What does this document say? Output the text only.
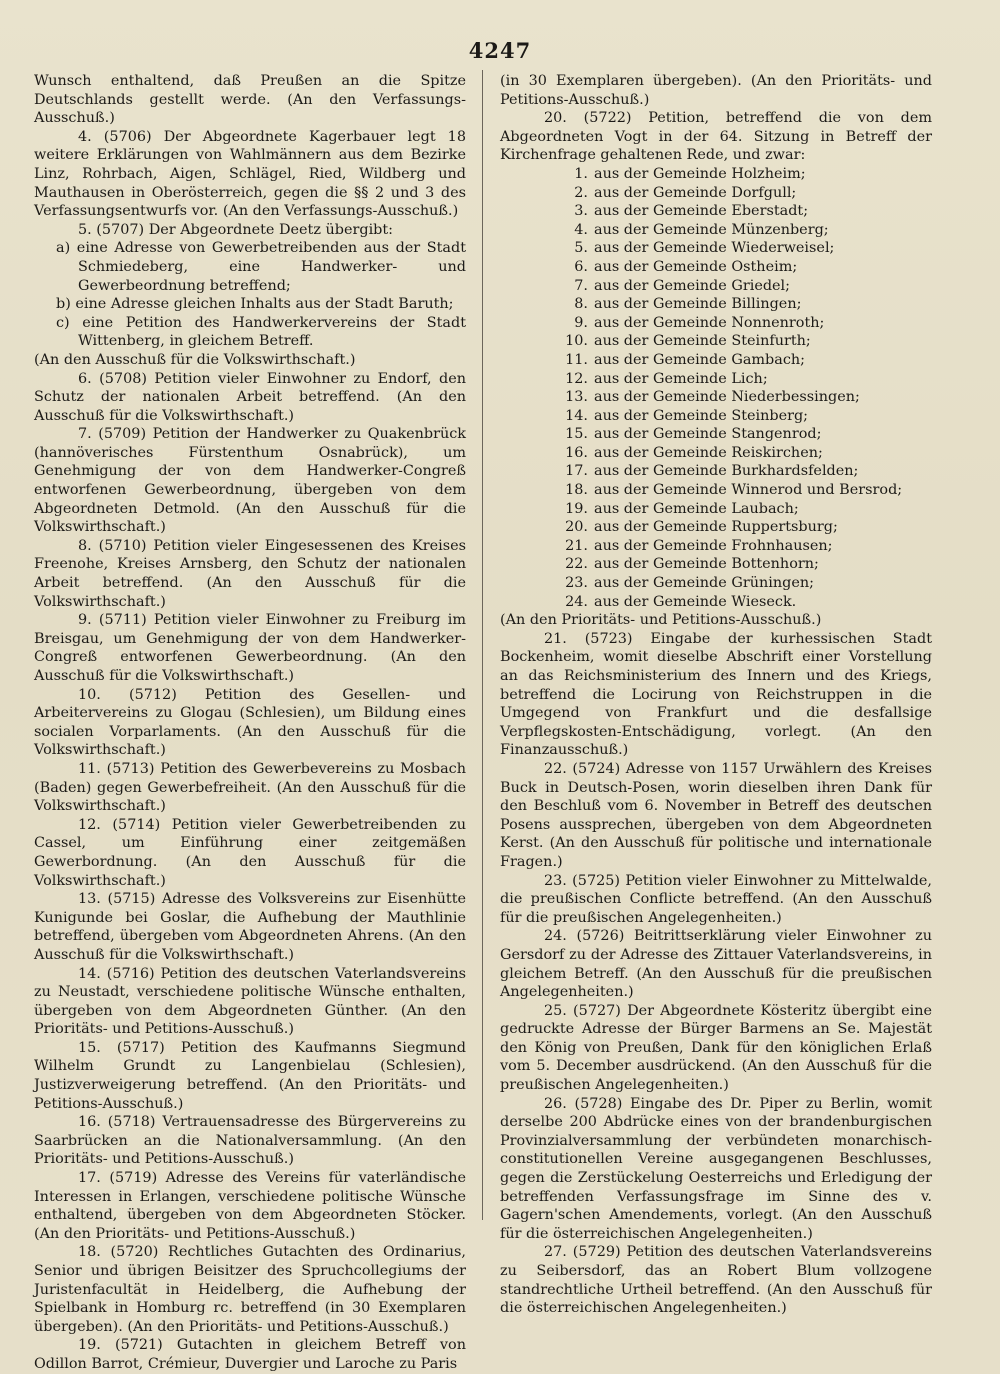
4247

Wunsch enthaltend, daß Preußen an die Spitze Deutschlands gestellt werde. (An den Verfassungs-Ausschuß.)

4. (5706) Der Abgeordnete Kagerbauer legt 18 weitere Erklärungen von Wahlmännern aus dem Bezirke Linz, Rohrbach, Aigen, Schlägel, Ried, Wildberg und Mauthausen in Oberösterreich, gegen die §§ 2 und 3 des Verfassungsentwurfs vor. (An den Verfassungs-Ausschuß.)

5. (5707) Der Abgeordnete Deetz übergibt:

a) eine Adresse von Gewerbetreibenden aus der Stadt Schmiedeberg, eine Handwerker- und Gewerbeordnung betreffend;

b) eine Adresse gleichen Inhalts aus der Stadt Baruth;

c) eine Petition des Handwerkervereins der Stadt Wittenberg, in gleichem Betreff.

(An den Ausschuß für die Volkswirthschaft.)

6. (5708) Petition vieler Einwohner zu Endorf, den Schutz der nationalen Arbeit betreffend. (An den Ausschuß für die Volkswirthschaft.)

7. (5709) Petition der Handwerker zu Quakenbrück (hannöverisches Fürstenthum Osnabrück), um Genehmigung der von dem Handwerker-Congreß entworfenen Gewerbeordnung, übergeben von dem Abgeordneten Detmold. (An den Ausschuß für die Volkswirthschaft.)

8. (5710) Petition vieler Eingesessenen des Kreises Freenohe, Kreises Arnsberg, den Schutz der nationalen Arbeit betreffend. (An den Ausschuß für die Volkswirthschaft.)

9. (5711) Petition vieler Einwohner zu Freiburg im Breisgau, um Genehmigung der von dem Handwerker-Congreß entworfenen Gewerbeordnung. (An den Ausschuß für die Volkswirthschaft.)

10. (5712) Petition des Gesellen- und Arbeitervereins zu Glogau (Schlesien), um Bildung eines socialen Vorparlaments. (An den Ausschuß für die Volkswirthschaft.)

11. (5713) Petition des Gewerbevereins zu Mosbach (Baden) gegen Gewerbefreiheit. (An den Ausschuß für die Volkswirthschaft.)

12. (5714) Petition vieler Gewerbetreibenden zu Cassel, um Einführung einer zeitgemäßen Gewerbordnung. (An den Ausschuß für die Volkswirthschaft.)

13. (5715) Adresse des Volksvereins zur Eisenhütte Kunigunde bei Goslar, die Aufhebung der Mauthlinie betreffend, übergeben vom Abgeordneten Ahrens. (An den Ausschuß für die Volkswirthschaft.)

14. (5716) Petition des deutschen Vaterlandsvereins zu Neustadt, verschiedene politische Wünsche enthalten, übergeben von dem Abgeordneten Günther. (An den Prioritäts- und Petitions-Ausschuß.)

15. (5717) Petition des Kaufmanns Siegmund Wilhelm Grundt zu Langenbielau (Schlesien), Justizverweigerung betreffend. (An den Prioritäts- und Petitions-Ausschuß.)

16. (5718) Vertrauensadresse des Bürgervereins zu Saarbrücken an die Nationalversammlung. (An den Prioritäts- und Petitions-Ausschuß.)

17. (5719) Adresse des Vereins für vaterländische Interessen in Erlangen, verschiedene politische Wünsche enthaltend, übergeben von dem Abgeordneten Stöcker. (An den Prioritäts- und Petitions-Ausschuß.)

18. (5720) Rechtliches Gutachten des Ordinarius, Senior und übrigen Beisitzer des Spruchcollegiums der Juristenfacultät in Heidelberg, die Aufhebung der Spielbank in Homburg rc. betreffend (in 30 Exemplaren übergeben). (An den Prioritäts- und Petitions-Ausschuß.)

19. (5721) Gutachten in gleichem Betreff von Odillon Barrot, Crémieur, Duvergier und Laroche zu Paris

(in 30 Exemplaren übergeben). (An den Prioritäts- und Petitions-Ausschuß.)

20. (5722) Petition, betreffend die von dem Abgeordneten Vogt in der 64. Sitzung in Betreff der Kirchenfrage gehaltenen Rede, und zwar:

1. aus der Gemeinde Holzheim;

2. aus der Gemeinde Dorfgull;

3. aus der Gemeinde Eberstadt;

4. aus der Gemeinde Münzenberg;

5. aus der Gemeinde Wiederweisel;

6. aus der Gemeinde Ostheim;

7. aus der Gemeinde Griedel;

8. aus der Gemeinde Billingen;

9. aus der Gemeinde Nonnenroth;

10. aus der Gemeinde Steinfurth;

11. aus der Gemeinde Gambach;

12. aus der Gemeinde Lich;

13. aus der Gemeinde Niederbessingen;

14. aus der Gemeinde Steinberg;

15. aus der Gemeinde Stangenrod;

16. aus der Gemeinde Reiskirchen;

17. aus der Gemeinde Burkhardsfelden;

18. aus der Gemeinde Winnerod und Bersrod;

19. aus der Gemeinde Laubach;

20. aus der Gemeinde Ruppertsburg;

21. aus der Gemeinde Frohnhausen;

22. aus der Gemeinde Bottenhorn;

23. aus der Gemeinde Grüningen;

24. aus der Gemeinde Wieseck.

(An den Prioritäts- und Petitions-Ausschuß.)

21. (5723) Eingabe der kurhessischen Stadt Bockenheim, womit dieselbe Abschrift einer Vorstellung an das Reichsministerium des Innern und des Kriegs, betreffend die Locirung von Reichstruppen in die Umgegend von Frankfurt und die desfallsige Verpflegskosten-Entschädigung, vorlegt. (An den Finanzausschuß.)

22. (5724) Adresse von 1157 Urwählern des Kreises Buck in Deutsch-Posen, worin dieselben ihren Dank für den Beschluß vom 6. November in Betreff des deutschen Posens aussprechen, übergeben von dem Abgeordneten Kerst. (An den Ausschuß für politische und internationale Fragen.)

23. (5725) Petition vieler Einwohner zu Mittelwalde, die preußischen Conflicte betreffend. (An den Ausschuß für die preußischen Angelegenheiten.)

24. (5726) Beitrittserklärung vieler Einwohner zu Gersdorf zu der Adresse des Zittauer Vaterlandsvereins, in gleichem Betreff. (An den Ausschuß für die preußischen Angelegenheiten.)

25. (5727) Der Abgeordnete Kösteritz übergibt eine gedruckte Adresse der Bürger Barmens an Se. Majestät den König von Preußen, Dank für den königlichen Erlaß vom 5. December ausdrückend. (An den Ausschuß für die preußischen Angelegenheiten.)

26. (5728) Eingabe des Dr. Piper zu Berlin, womit derselbe 200 Abdrücke eines von der brandenburgischen Provinzialversammlung der verbündeten monarchisch-constitutionellen Vereine ausgegangenen Beschlusses, gegen die Zerstückelung Oesterreichs und Erledigung der betreffenden Verfassungsfrage im Sinne des v. Gagern'schen Amendements, vorlegt. (An den Ausschuß für die österreichischen Angelegenheiten.)

27. (5729) Petition des deutschen Vaterlandsvereins zu Seibersdorf, das an Robert Blum vollzogene standrechtliche Urtheil betreffend. (An den Ausschuß für die österreichischen Angelegenheiten.)
